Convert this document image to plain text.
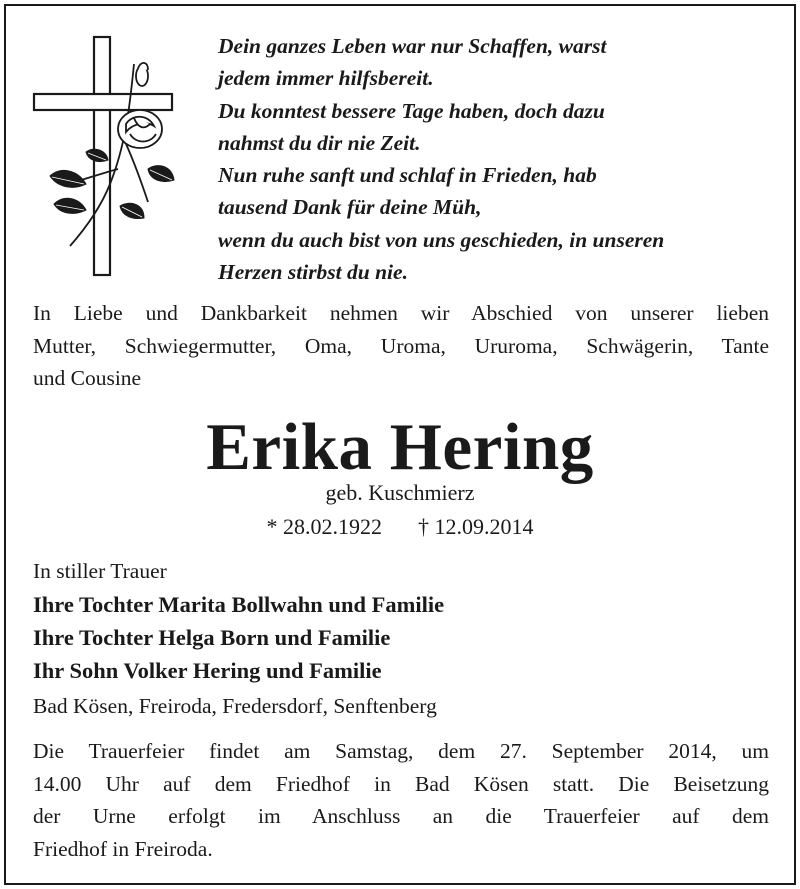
Dein ganzes Leben war nur Schaffen, warst
jedem immer hilfsbereit.
Du konntest bessere Tage haben, doch dazu
nahmst du dir nie Zeit.
Nun ruhe sanft und schlaf in Frieden, hab
tausend Dank für deine Müh,
wenn du auch bist von uns geschieden, in unseren
Herzen stirbst du nie.
In Liebe und Dankbarkeit nehmen wir Abschied von unserer lieben
Mutter, Schwiegermutter, Oma, Uroma, Ururoma, Schwägerin, Tante
und Cousine
Erika Hering
geb. Kuschmierz
* 28.02.1922 † 12.09.2014
In stiller Trauer
Ihre Tochter Marita Bollwahn und Familie
Ihre Tochter Helga Born und Familie
Ihr Sohn Volker Hering und Familie
Bad Kösen, Freiroda, Fredersdorf, Senftenberg
Die Trauerfeier findet am Samstag, dem 27. September 2014, um
14.00 Uhr auf dem Friedhof in Bad Kösen statt. Die Beisetzung
der Urne erfolgt im Anschluss an die Trauerfeier auf dem
Friedhof in Freiroda.
